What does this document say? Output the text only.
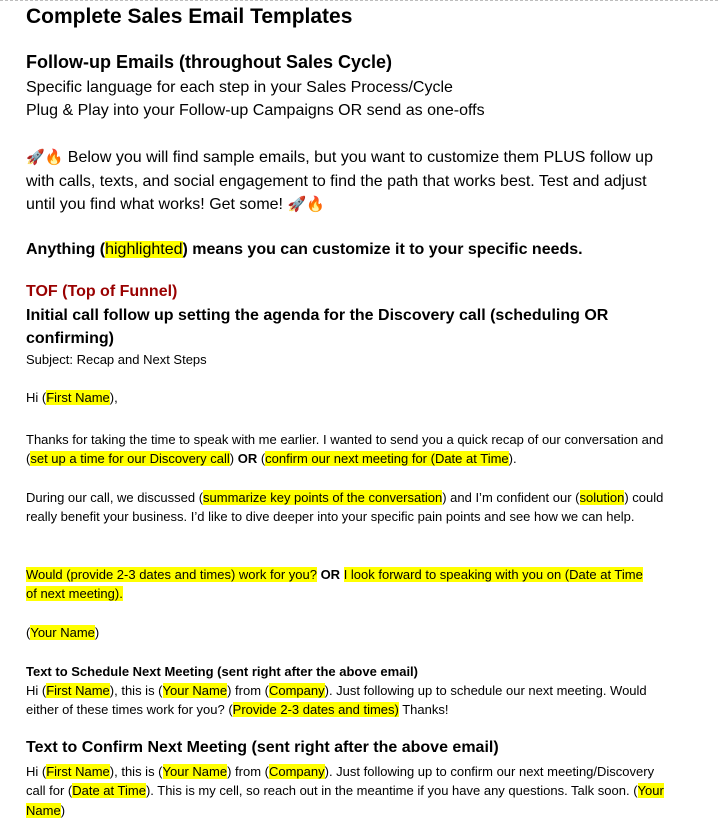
Complete Sales Email Templates
Follow-up Emails (throughout Sales Cycle)
Specific language for each step in your Sales Process/Cycle
Plug & Play into your Follow-up Campaigns OR send as one-offs
🚀🔥 Below you will find sample emails, but you want to customize them PLUS follow up with calls, texts, and social engagement to find the path that works best. Test and adjust until you find what works! Get some! 🚀🔥
Anything (highlighted) means you can customize it to your specific needs.
TOF (Top of Funnel)
Initial call follow up setting the agenda for the Discovery call (scheduling OR confirming)
Subject: Recap and Next Steps
Hi (First Name),
Thanks for taking the time to speak with me earlier. I wanted to send you a quick recap of our conversation and (set up a time for our Discovery call) OR (confirm our next meeting for (Date at Time).
During our call, we discussed (summarize key points of the conversation) and I’m confident our (solution) could really benefit your business. I’d like to dive deeper into your specific pain points and see how we can help.
Would (provide 2-3 dates and times) work for you? OR I look forward to speaking with you on (Date at Time of next meeting).
(Your Name)
Text to Schedule Next Meeting (sent right after the above email)
Hi (First Name), this is (Your Name) from (Company). Just following up to schedule our next meeting. Would either of these times work for you? (Provide 2-3 dates and times) Thanks!
Text to Confirm Next Meeting (sent right after the above email)
Hi (First Name), this is (Your Name) from (Company). Just following up to confirm our next meeting/Discovery call for (Date at Time). This is my cell, so reach out in the meantime if you have any questions. Talk soon. (Your Name)
